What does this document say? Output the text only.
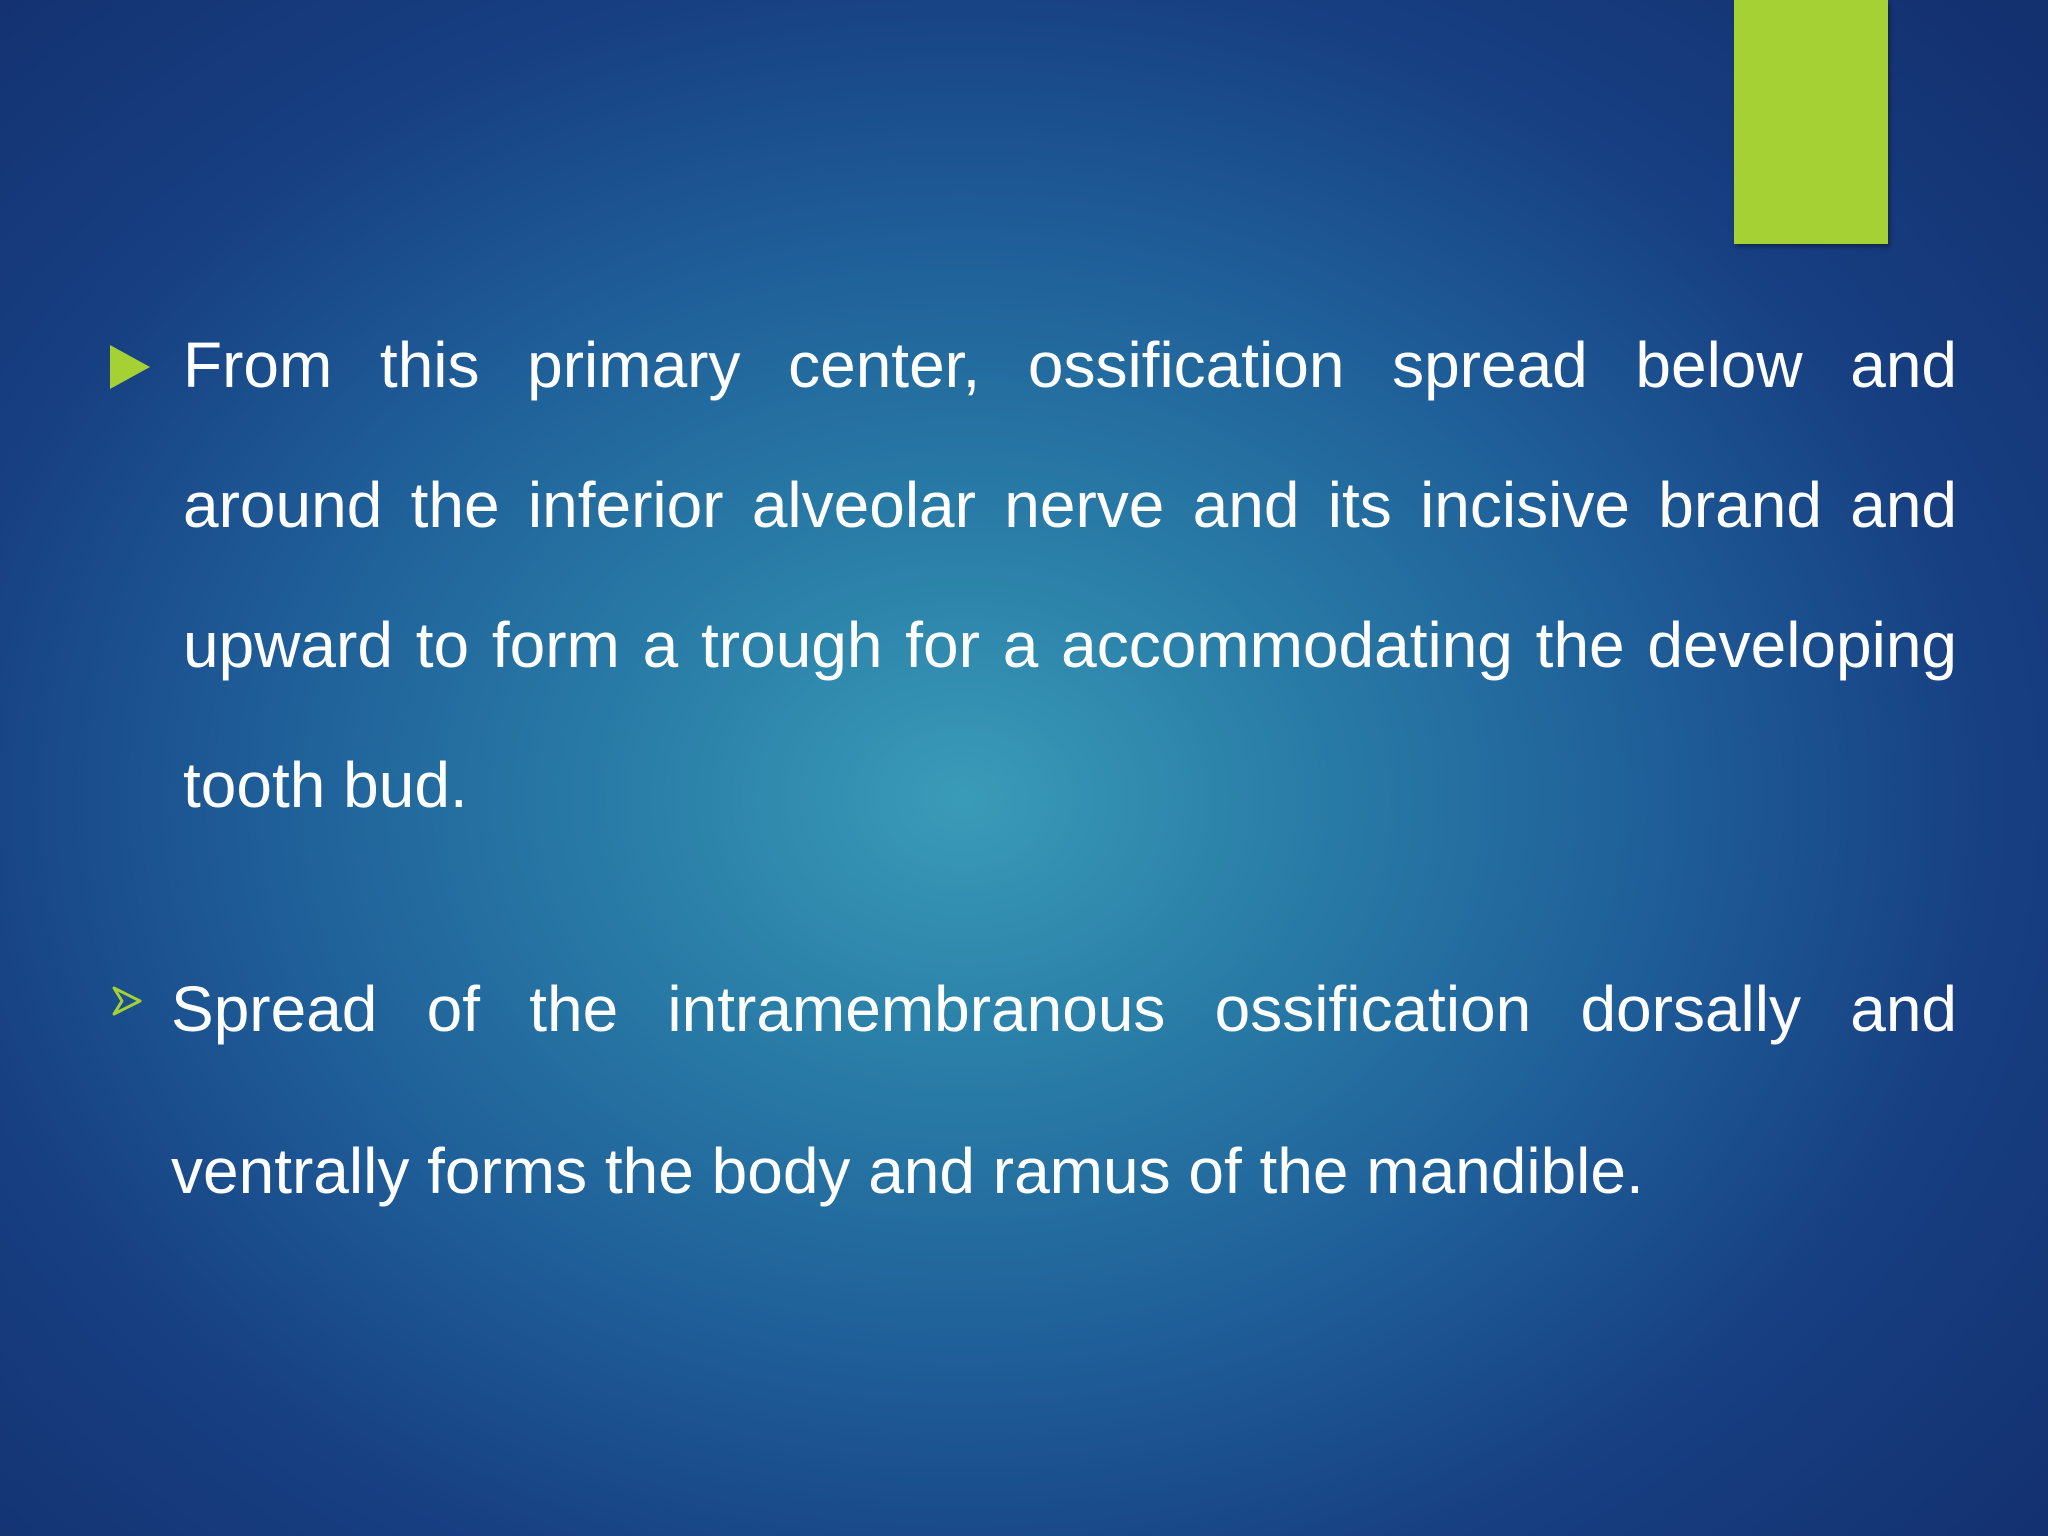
From this primary center, ossification spread below and around the inferior alveolar nerve and its incisive brand and upward to form a trough for a accommodating the developing tooth bud.
Spread of the intramembranous ossification dorsally and ventrally forms the body and ramus of the mandible.
